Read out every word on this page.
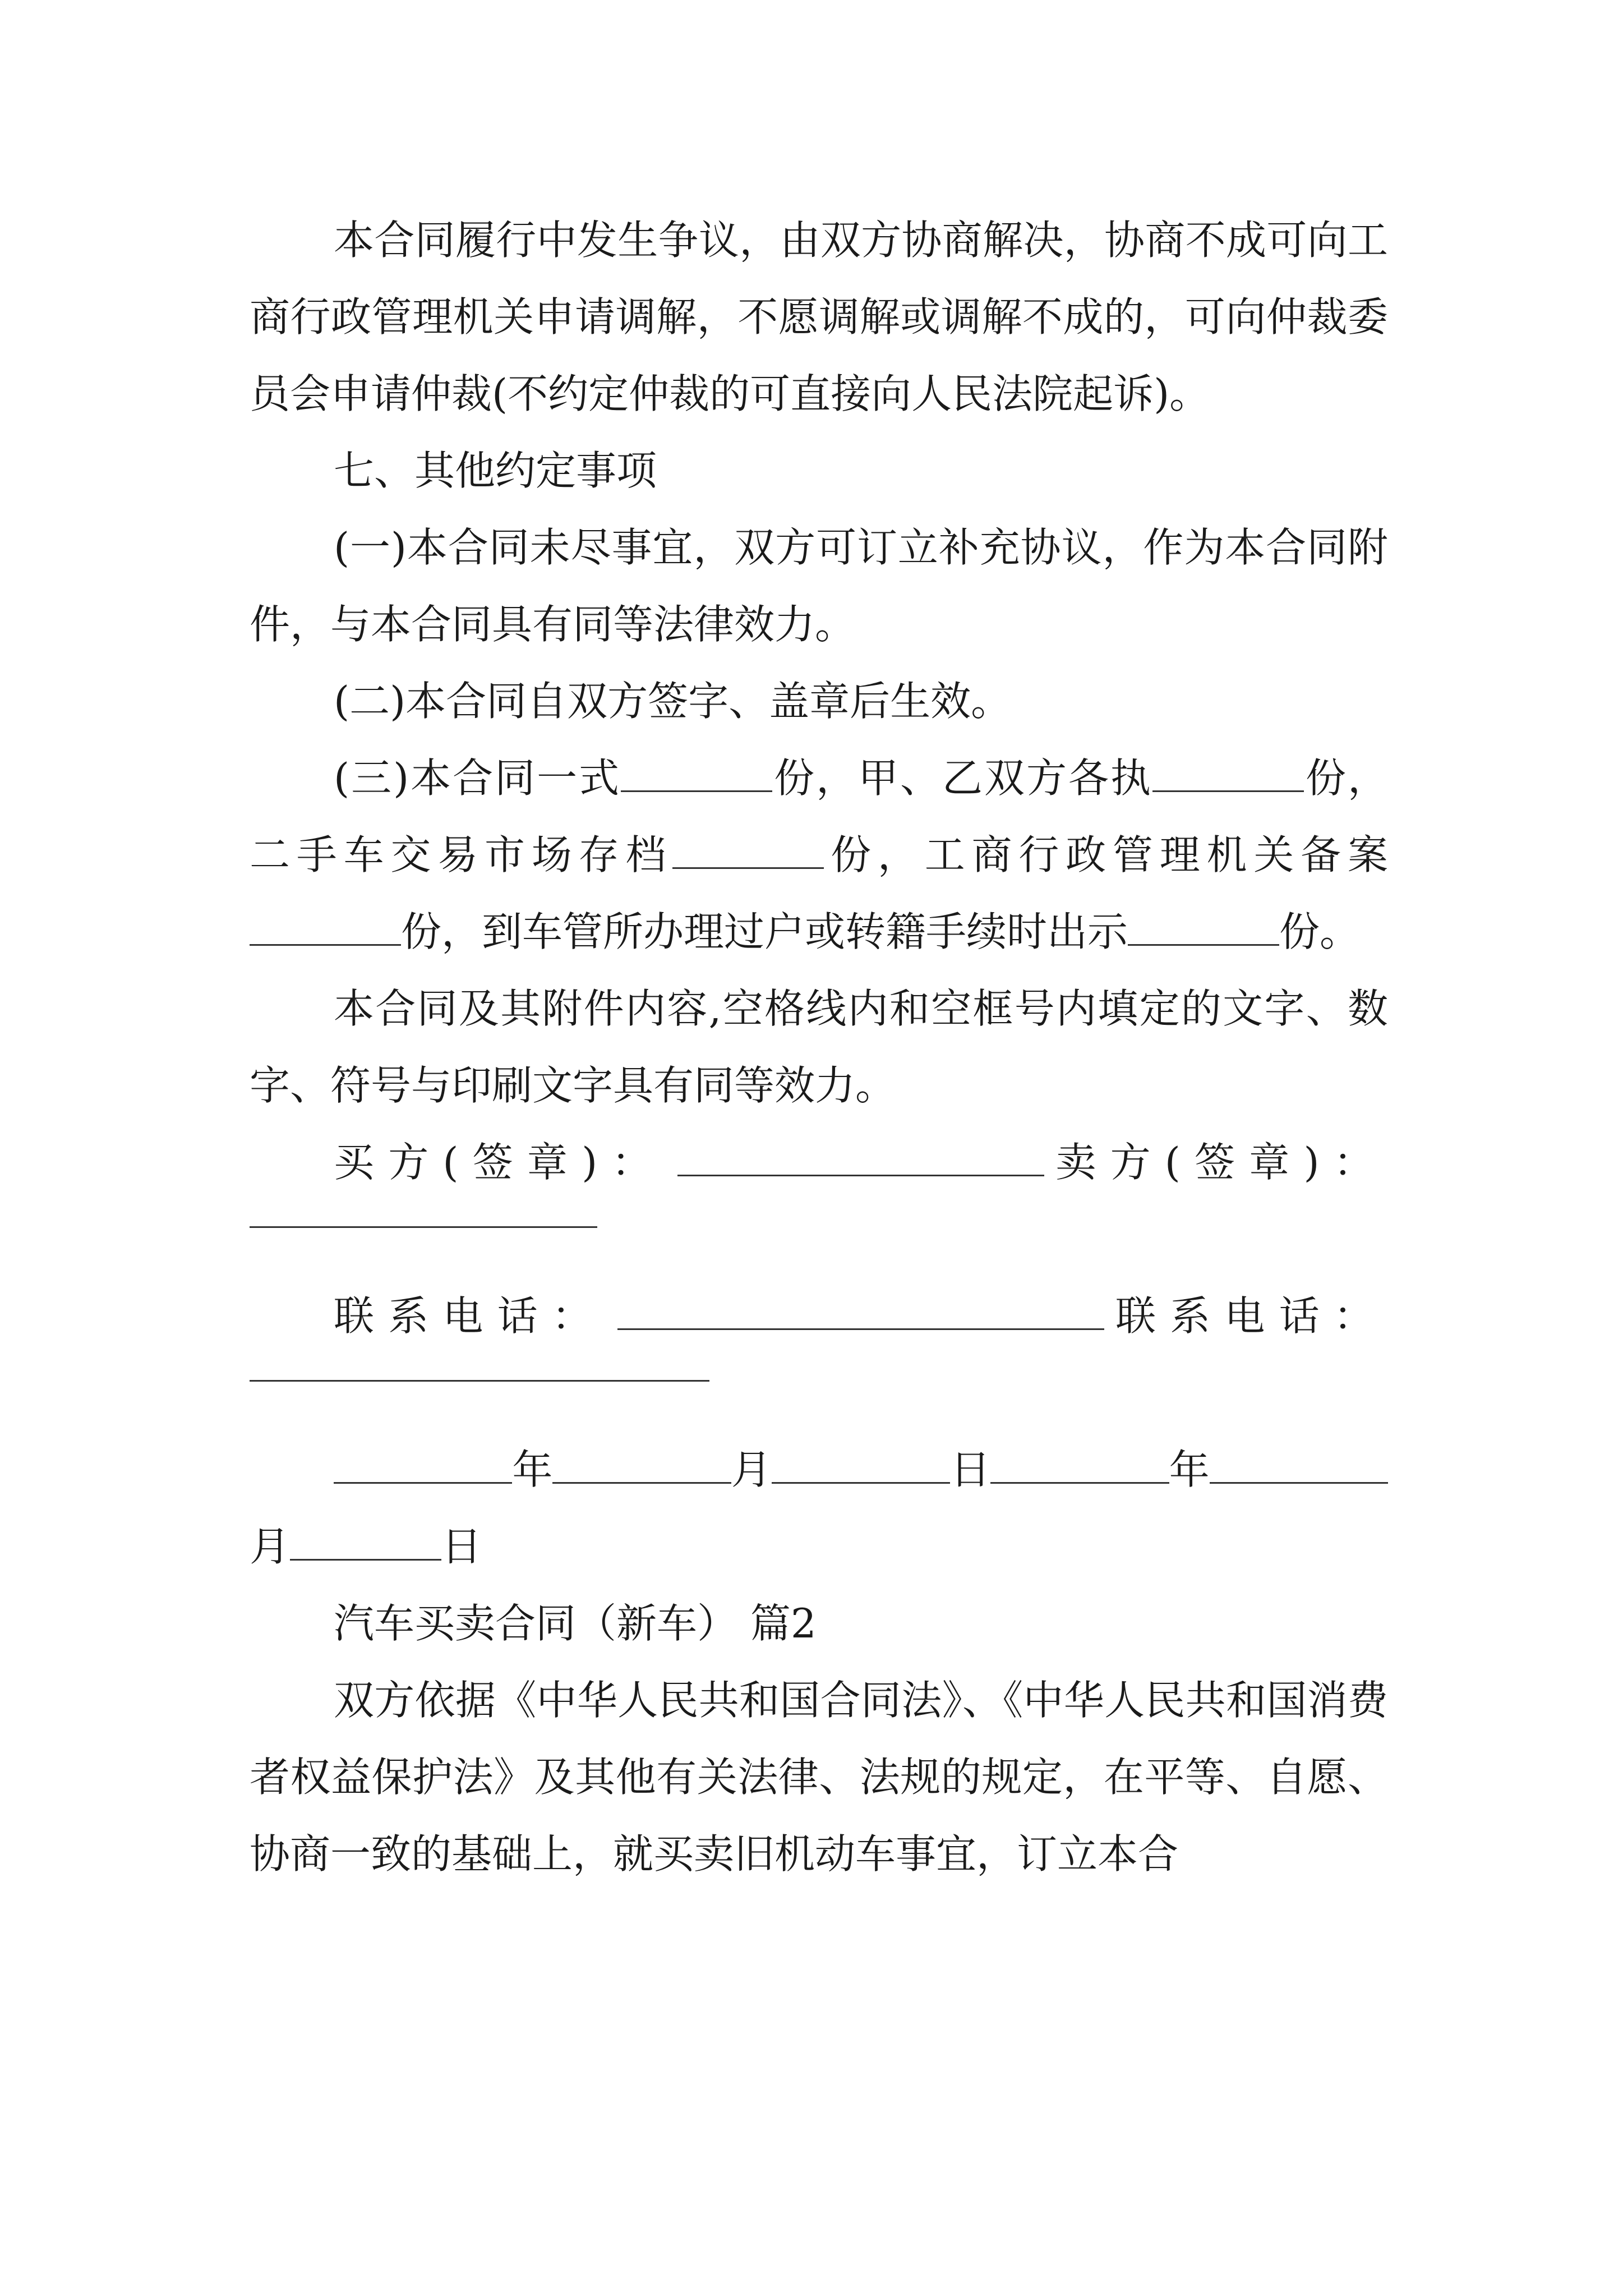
本合同履行中发生争议，由双方协商解决，协商不成可向工商行政管理机关申请调解，不愿调解或调解不成的，可向仲裁委员会申请仲裁(不约定仲裁的可直接向人民法院起诉)。

七、其他约定事项

(一)本合同未尽事宜，双方可订立补充协议，作为本合同附件，与本合同具有同等法律效力。

(二)本合同自双方签字、盖章后生效。

(三)本合同一式	份，甲、乙双方各执	份，二手车交易市场存档	份，工商行政管理机关备案份，到车管所办理过户或转籍手续时出示	份。

本合同及其附件内容,空格线内和空框号内填定的文字、数字、符号与印刷文字具有同等效力。

买方(签章)：	卖方(签章)：
联系电话：	联系电话：
年	月	日	年

月	日

汽车买卖合同（新车） 篇2

双方依据《中华人民共和国合同法》、《中华人民共和国消费者权益保护法》及其他有关法律、法规的规定，在平等、自愿、协商一致的基础上，就买卖旧机动车事宜，订立本合
